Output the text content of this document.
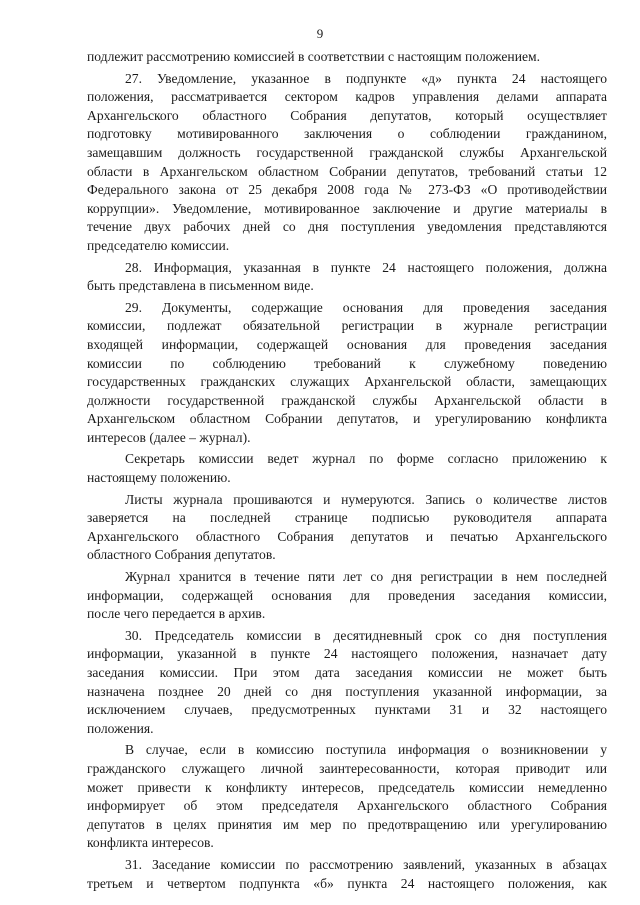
9
подлежит рассмотрению комиссией в соответствии с настоящим положением.
27. Уведомление, указанное в подпункте «д» пункта 24 настоящего
положения, рассматривается сектором кадров управления делами аппарата
Архангельского областного Собрания депутатов, который осуществляет
подготовку мотивированного заключения о соблюдении гражданином,
замещавшим должность государственной гражданской службы Архангельской
области в Архангельском областном Собрании депутатов, требований статьи 12
Федерального закона от 25 декабря 2008 года № 273-ФЗ «О противодействии
коррупции». Уведомление, мотивированное заключение и другие материалы в
течение двух рабочих дней со дня поступления уведомления представляются
председателю комиссии.
28. Информация, указанная в пункте 24 настоящего положения, должна
быть представлена в письменном виде.
29. Документы, содержащие основания для проведения заседания
комиссии, подлежат обязательной регистрации в журнале регистрации
входящей информации, содержащей основания для проведения заседания
комиссии по соблюдению требований к служебному поведению
государственных гражданских служащих Архангельской области, замещающих
должности государственной гражданской службы Архангельской области в
Архангельском областном Собрании депутатов, и урегулированию конфликта
интересов (далее – журнал).
Секретарь комиссии ведет журнал по форме согласно приложению к
настоящему положению.
Листы журнала прошиваются и нумеруются. Запись о количестве листов
заверяется на последней странице подписью руководителя аппарата
Архангельского областного Собрания депутатов и печатью Архангельского
областного Собрания депутатов.
Журнал хранится в течение пяти лет со дня регистрации в нем последней
информации, содержащей основания для проведения заседания комиссии,
после чего передается в архив.
30. Председатель комиссии в десятидневный срок со дня поступления
информации, указанной в пункте 24 настоящего положения, назначает дату
заседания комиссии. При этом дата заседания комиссии не может быть
назначена позднее 20 дней со дня поступления указанной информации, за
исключением случаев, предусмотренных пунктами 31 и 32 настоящего
положения.
В случае, если в комиссию поступила информация о возникновении у
гражданского служащего личной заинтересованности, которая приводит или
может привести к конфликту интересов, председатель комиссии немедленно
информирует об этом председателя Архангельского областного Собрания
депутатов в целях принятия им мер по предотвращению или урегулированию
конфликта интересов.
31. Заседание комиссии по рассмотрению заявлений, указанных в абзацах
третьем и четвертом подпункта «б» пункта 24 настоящего положения, как
